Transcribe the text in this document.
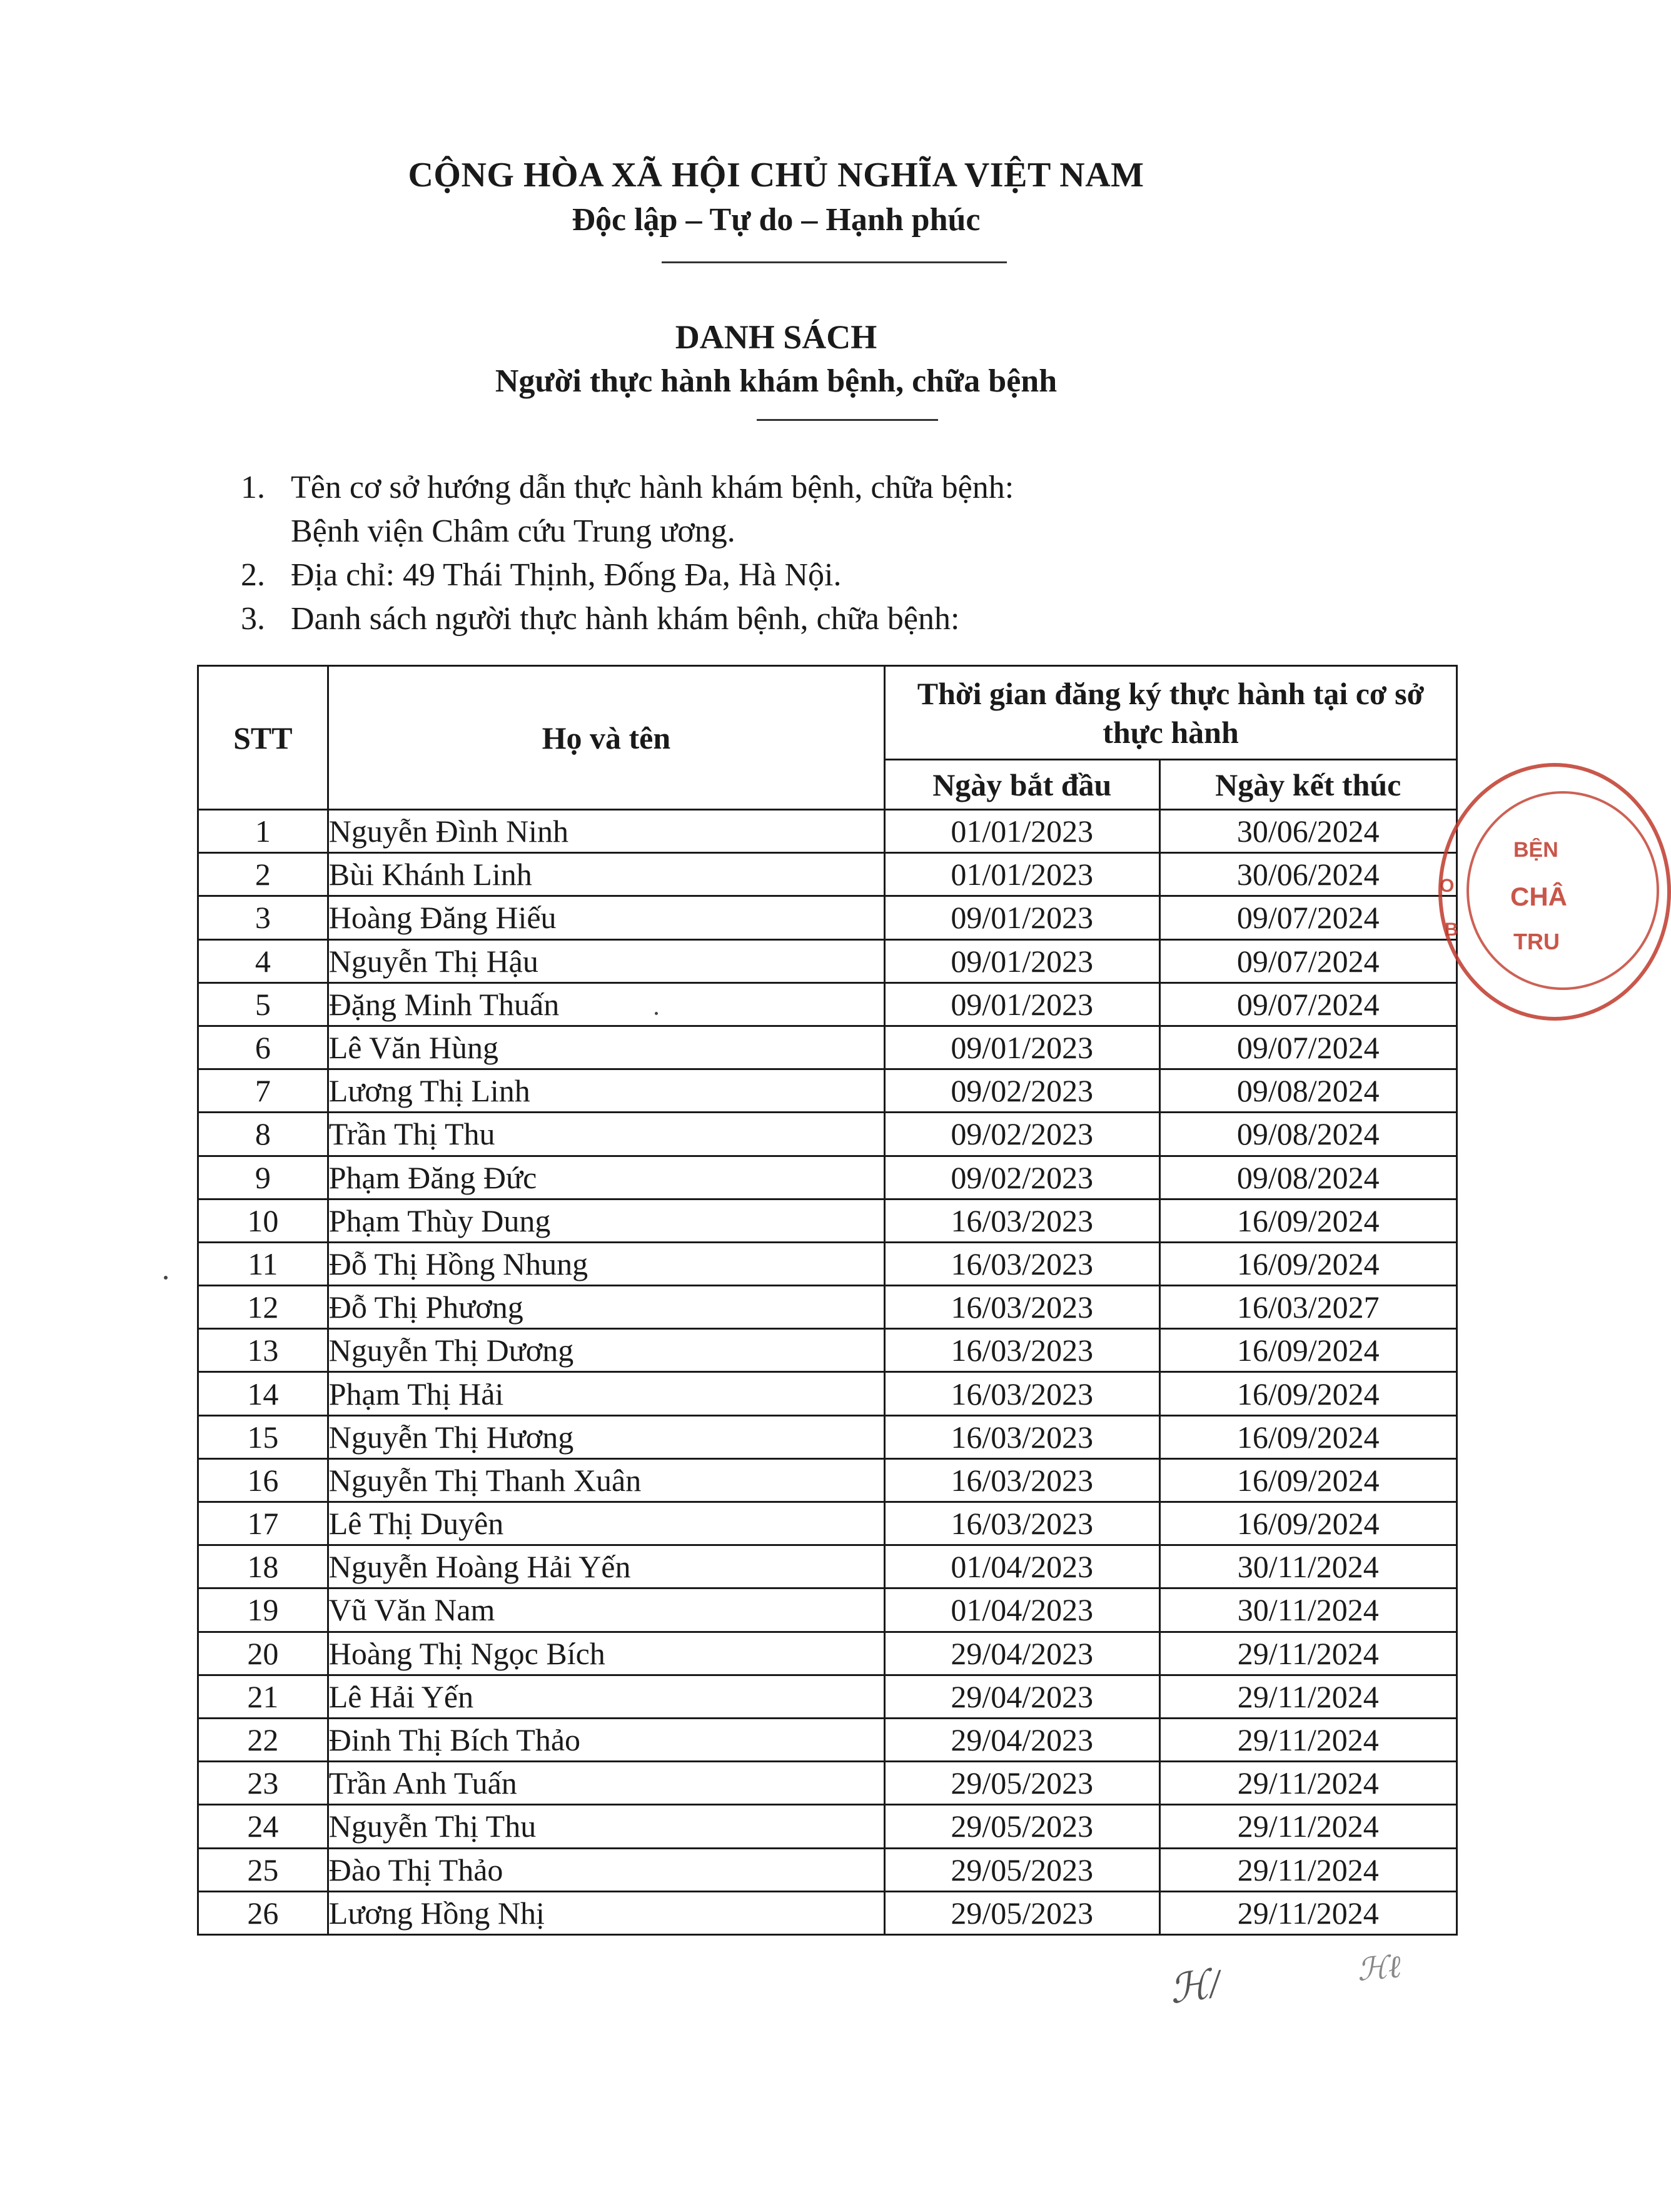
CỘNG HÒA XÃ HỘI CHỦ NGHĨA VIỆT NAM
Độc lập – Tự do – Hạnh phúc
DANH SÁCH
Người thực hành khám bệnh, chữa bệnh
1. Tên cơ sở hướng dẫn thực hành khám bệnh, chữa bệnh:
Bệnh viện Châm cứu Trung ương.
2. Địa chỉ: 49 Thái Thịnh, Đống Đa, Hà Nội.
3. Danh sách người thực hành khám bệnh, chữa bệnh:
STT	Họ và tên	Thời gian đăng ký thực hành tại cơ sở thực hành	
		Ngày bắt đầu	Ngày kết thúc
1	Nguyễn Đình Ninh	01/01/2023	30/06/2024
2	Bùi Khánh Linh	01/01/2023	30/06/2024
3	Hoàng Đăng Hiếu	09/01/2023	09/07/2024
4	Nguyễn Thị Hậu	09/01/2023	09/07/2024
5	Đặng Minh Thuấn	09/01/2023	09/07/2024
6	Lê Văn Hùng	09/01/2023	09/07/2024
7	Lương Thị Linh	09/02/2023	09/08/2024
8	Trần Thị Thu	09/02/2023	09/08/2024
9	Phạm Đăng Đức	09/02/2023	09/08/2024
10	Phạm Thùy Dung	16/03/2023	16/09/2024
11	Đỗ Thị Hồng Nhung	16/03/2023	16/09/2024
12	Đỗ Thị Phương	16/03/2023	16/03/2027
13	Nguyễn Thị Dương	16/03/2023	16/09/2024
14	Phạm Thị Hải	16/03/2023	16/09/2024
15	Nguyễn Thị Hương	16/03/2023	16/09/2024
16	Nguyễn Thị Thanh Xuân	16/03/2023	16/09/2024
17	Lê Thị Duyên	16/03/2023	16/09/2024
18	Nguyễn Hoàng Hải Yến	01/04/2023	30/11/2024
19	Vũ Văn Nam	01/04/2023	30/11/2024
20	Hoàng Thị Ngọc Bích	29/04/2023	29/11/2024
21	Lê Hải Yến	29/04/2023	29/11/2024
22	Đinh Thị Bích Thảo	29/04/2023	29/11/2024
23	Trần Anh Tuấn	29/05/2023	29/11/2024
24	Nguyễn Thị Thu	29/05/2023	29/11/2024
25	Đào Thị Thảo	29/05/2023	29/11/2024
26	Lương Hồng Nhị	29/05/2023	29/11/2024
BỆN
CHÂ
TRU
O
B
ℋ/	ℋℓ
